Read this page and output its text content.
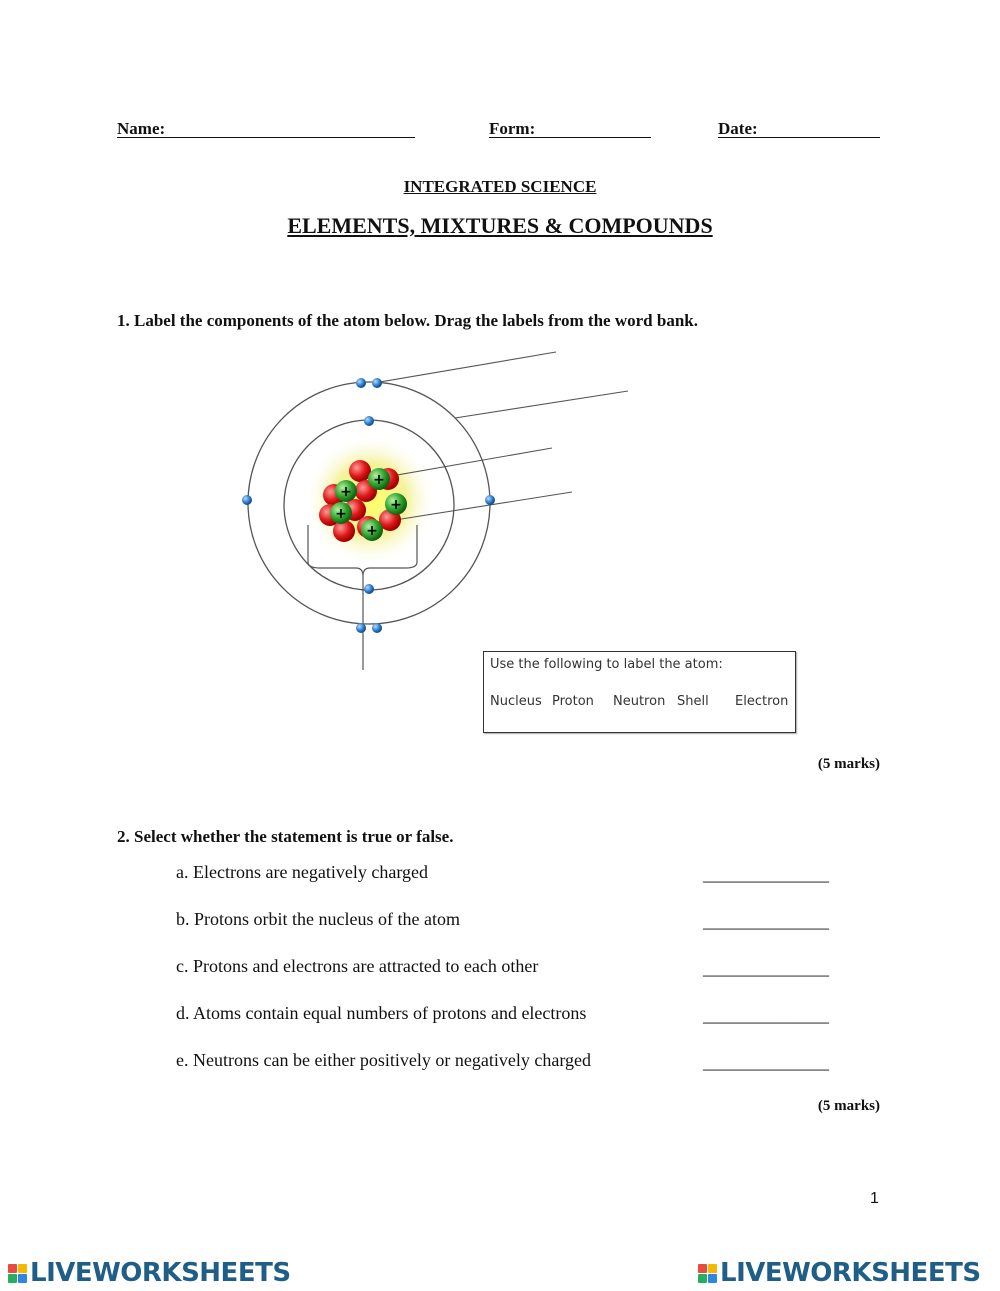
Name:	Form:	Date:
INTEGRATED SCIENCE
ELEMENTS, MIXTURES & COMPOUNDS
1. Label the components of the atom below. Drag the labels from the word bank.
+
+
+
+
+
Use the following to label the atom:
Nucleus Proton Neutron Shell Electron
(5 marks)
2. Select whether the statement is true or false.
a. Electrons are negatively charged	______________
b. Protons orbit the nucleus of the atom	______________
c. Protons and electrons are attracted to each other	______________
d. Atoms contain equal numbers of protons and electrons	______________
e. Neutrons can be either positively or negatively charged	______________
(5 marks)
1
LIVEWORKSHEETS	LIVEWORKSHEETS
